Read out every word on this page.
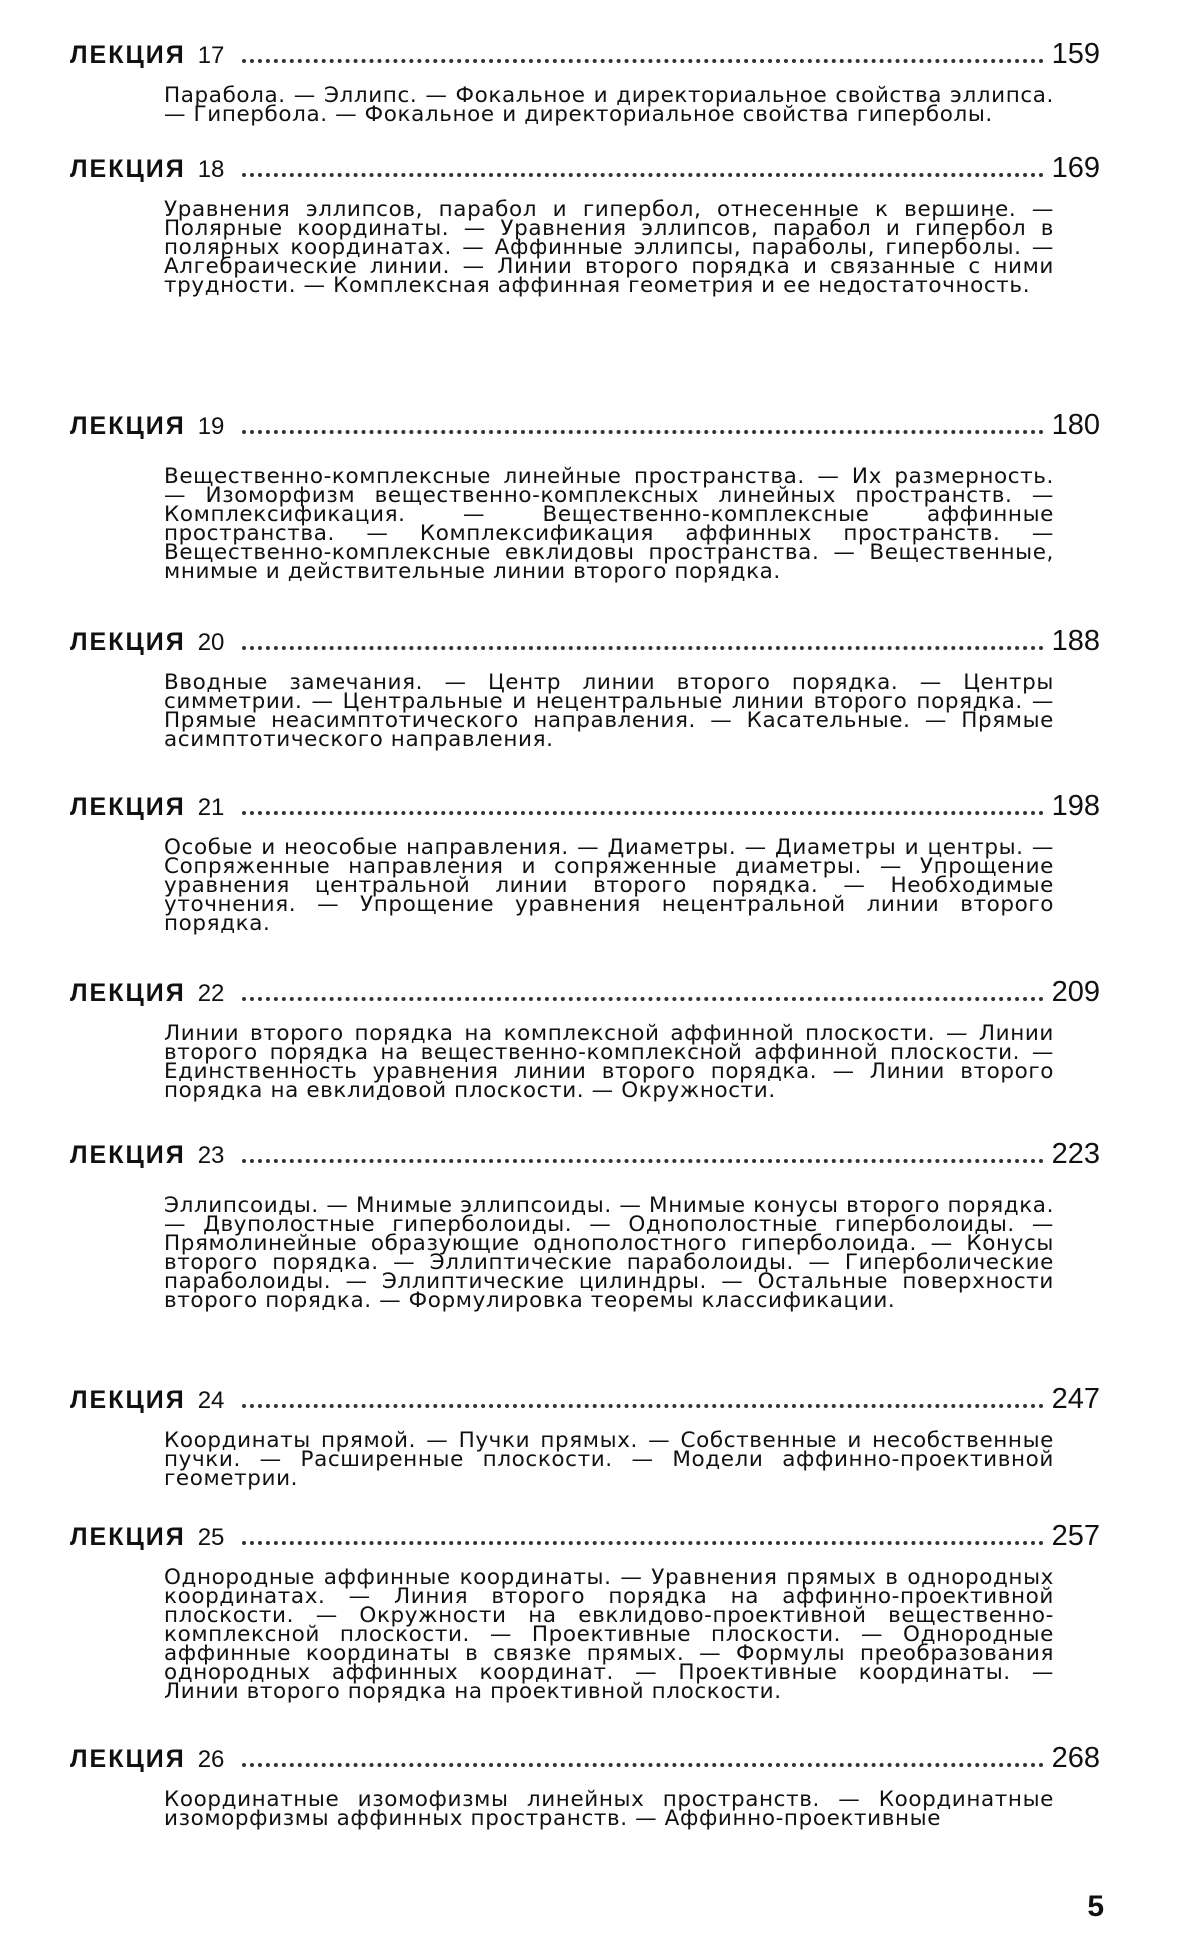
ЛЕКЦИЯ 17	159
Парабола. — Эллипс. — Фокальное и директориальное свойства эллипса. — Гипербола. — Фокальное и директориальное свойства гиперболы.
ЛЕКЦИЯ 18	169
Уравнения эллипсов, парабол и гипербол, отнесенные к вершине. — Полярные координаты. — Уравнения эллипсов, парабол и гипербол в полярных координатах. — Аффинные эллипсы, параболы, гиперболы. — Алгебраические линии. — Линии второго порядка и связанные с ними трудности. — Комплексная аффинная геометрия и ее недостаточность.
ЛЕКЦИЯ 19	180
Вещественно-комплексные линейные пространства. — Их размерность. — Изоморфизм вещественно-комплексных линейных пространств. — Комплексификация. — Вещественно-комплексные аффинные пространства. — Комплексификация аффинных пространств. — Вещественно-комплексные евклидовы пространства. — Вещественные, мнимые и действительные линии второго порядка.
ЛЕКЦИЯ 20	188
Вводные замечания. — Центр линии второго порядка. — Центры симметрии. — Центральные и нецентральные линии второго порядка. — Прямые неасимптотического направления. — Касательные. — Прямые асимптотического направления.
ЛЕКЦИЯ 21	198
Особые и неособые направления. — Диаметры. — Диаметры и центры. — Сопряженные направления и сопряженные диаметры. — Упрощение уравнения центральной линии второго порядка. — Необходимые уточнения. — Упрощение уравнения нецентральной линии второго порядка.
ЛЕКЦИЯ 22	209
Линии второго порядка на комплексной аффинной плоскости. — Линии второго порядка на вещественно-комплексной аффинной плоскости. — Единственность уравнения линии второго порядка. — Линии второго порядка на евклидовой плоскости. — Окружности.
ЛЕКЦИЯ 23	223
Эллипсоиды. — Мнимые эллипсоиды. — Мнимые конусы второго порядка. — Двуполостные гиперболоиды. — Однополостные гиперболоиды. — Прямолинейные образующие однополостного гиперболоида. — Конусы второго порядка. — Эллиптические параболоиды. — Гиперболические параболоиды. — Эллиптические цилиндры. — Остальные поверхности второго порядка. — Формулировка теоремы классификации.
ЛЕКЦИЯ 24	247
Координаты прямой. — Пучки прямых. — Собственные и несобственные пучки. — Расширенные плоскости. — Модели аффинно-проективной геометрии.
ЛЕКЦИЯ 25	257
Однородные аффинные координаты. — Уравнения прямых в однородных координатах. — Линия второго порядка на аффинно-проективной плоскости. — Окружности на евклидово-проективной вещественно-комплексной плоскости. — Проективные плоскости. — Однородные аффинные координаты в связке прямых. — Формулы преобразования однородных аффинных координат. — Проективные координаты. — Линии второго порядка на проективной плоскости.
ЛЕКЦИЯ 26	268
Координатные изомофизмы линейных пространств. — Координатные изоморфизмы аффинных пространств. — Аффинно-проективные
5
